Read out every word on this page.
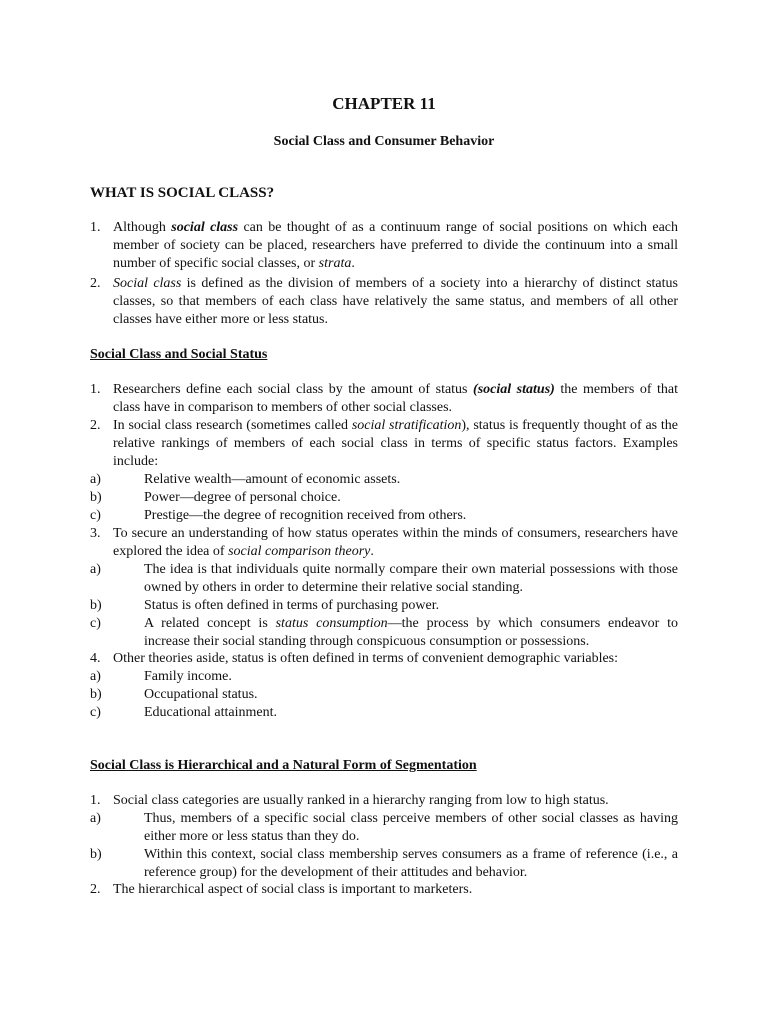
CHAPTER 11
Social Class and Consumer Behavior
WHAT IS SOCIAL CLASS?
1. Although social class can be thought of as a continuum range of social positions on which each member of society can be placed, researchers have preferred to divide the continuum into a small number of specific social classes, or strata.

2. Social class is defined as the division of members of a society into a hierarchy of distinct status classes, so that members of each class have relatively the same status, and members of all other classes have either more or less status.

Social Class and Social Status
1. Researchers define each social class by the amount of status (social status) the members of that class have in comparison to members of other social classes.

2. In social class research (sometimes called social stratification), status is frequently thought of as the relative rankings of members of each social class in terms of specific status factors. Examples include:

a)	Relative wealth—amount of economic assets.

b)	Power—degree of personal choice.

c)	Prestige—the degree of recognition received from others.

3. To secure an understanding of how status operates within the minds of consumers, researchers have explored the idea of social comparison theory.

a)	The idea is that individuals quite normally compare their own material possessions with those owned by others in order to determine their relative social standing.

b)	Status is often defined in terms of purchasing power.

c)	A related concept is status consumption—the process by which consumers endeavor to increase their social standing through conspicuous consumption or possessions.

4. Other theories aside, status is often defined in terms of convenient demographic variables:

a)	Family income.

b)	Occupational status.

c)	Educational attainment.

Social Class is Hierarchical and a Natural Form of Segmentation
1. Social class categories are usually ranked in a hierarchy ranging from low to high status.

a)	Thus, members of a specific social class perceive members of other social classes as having either more or less status than they do.

b)	Within this context, social class membership serves consumers as a frame of reference (i.e., a reference group) for the development of their attitudes and behavior.

2. The hierarchical aspect of social class is important to marketers.
